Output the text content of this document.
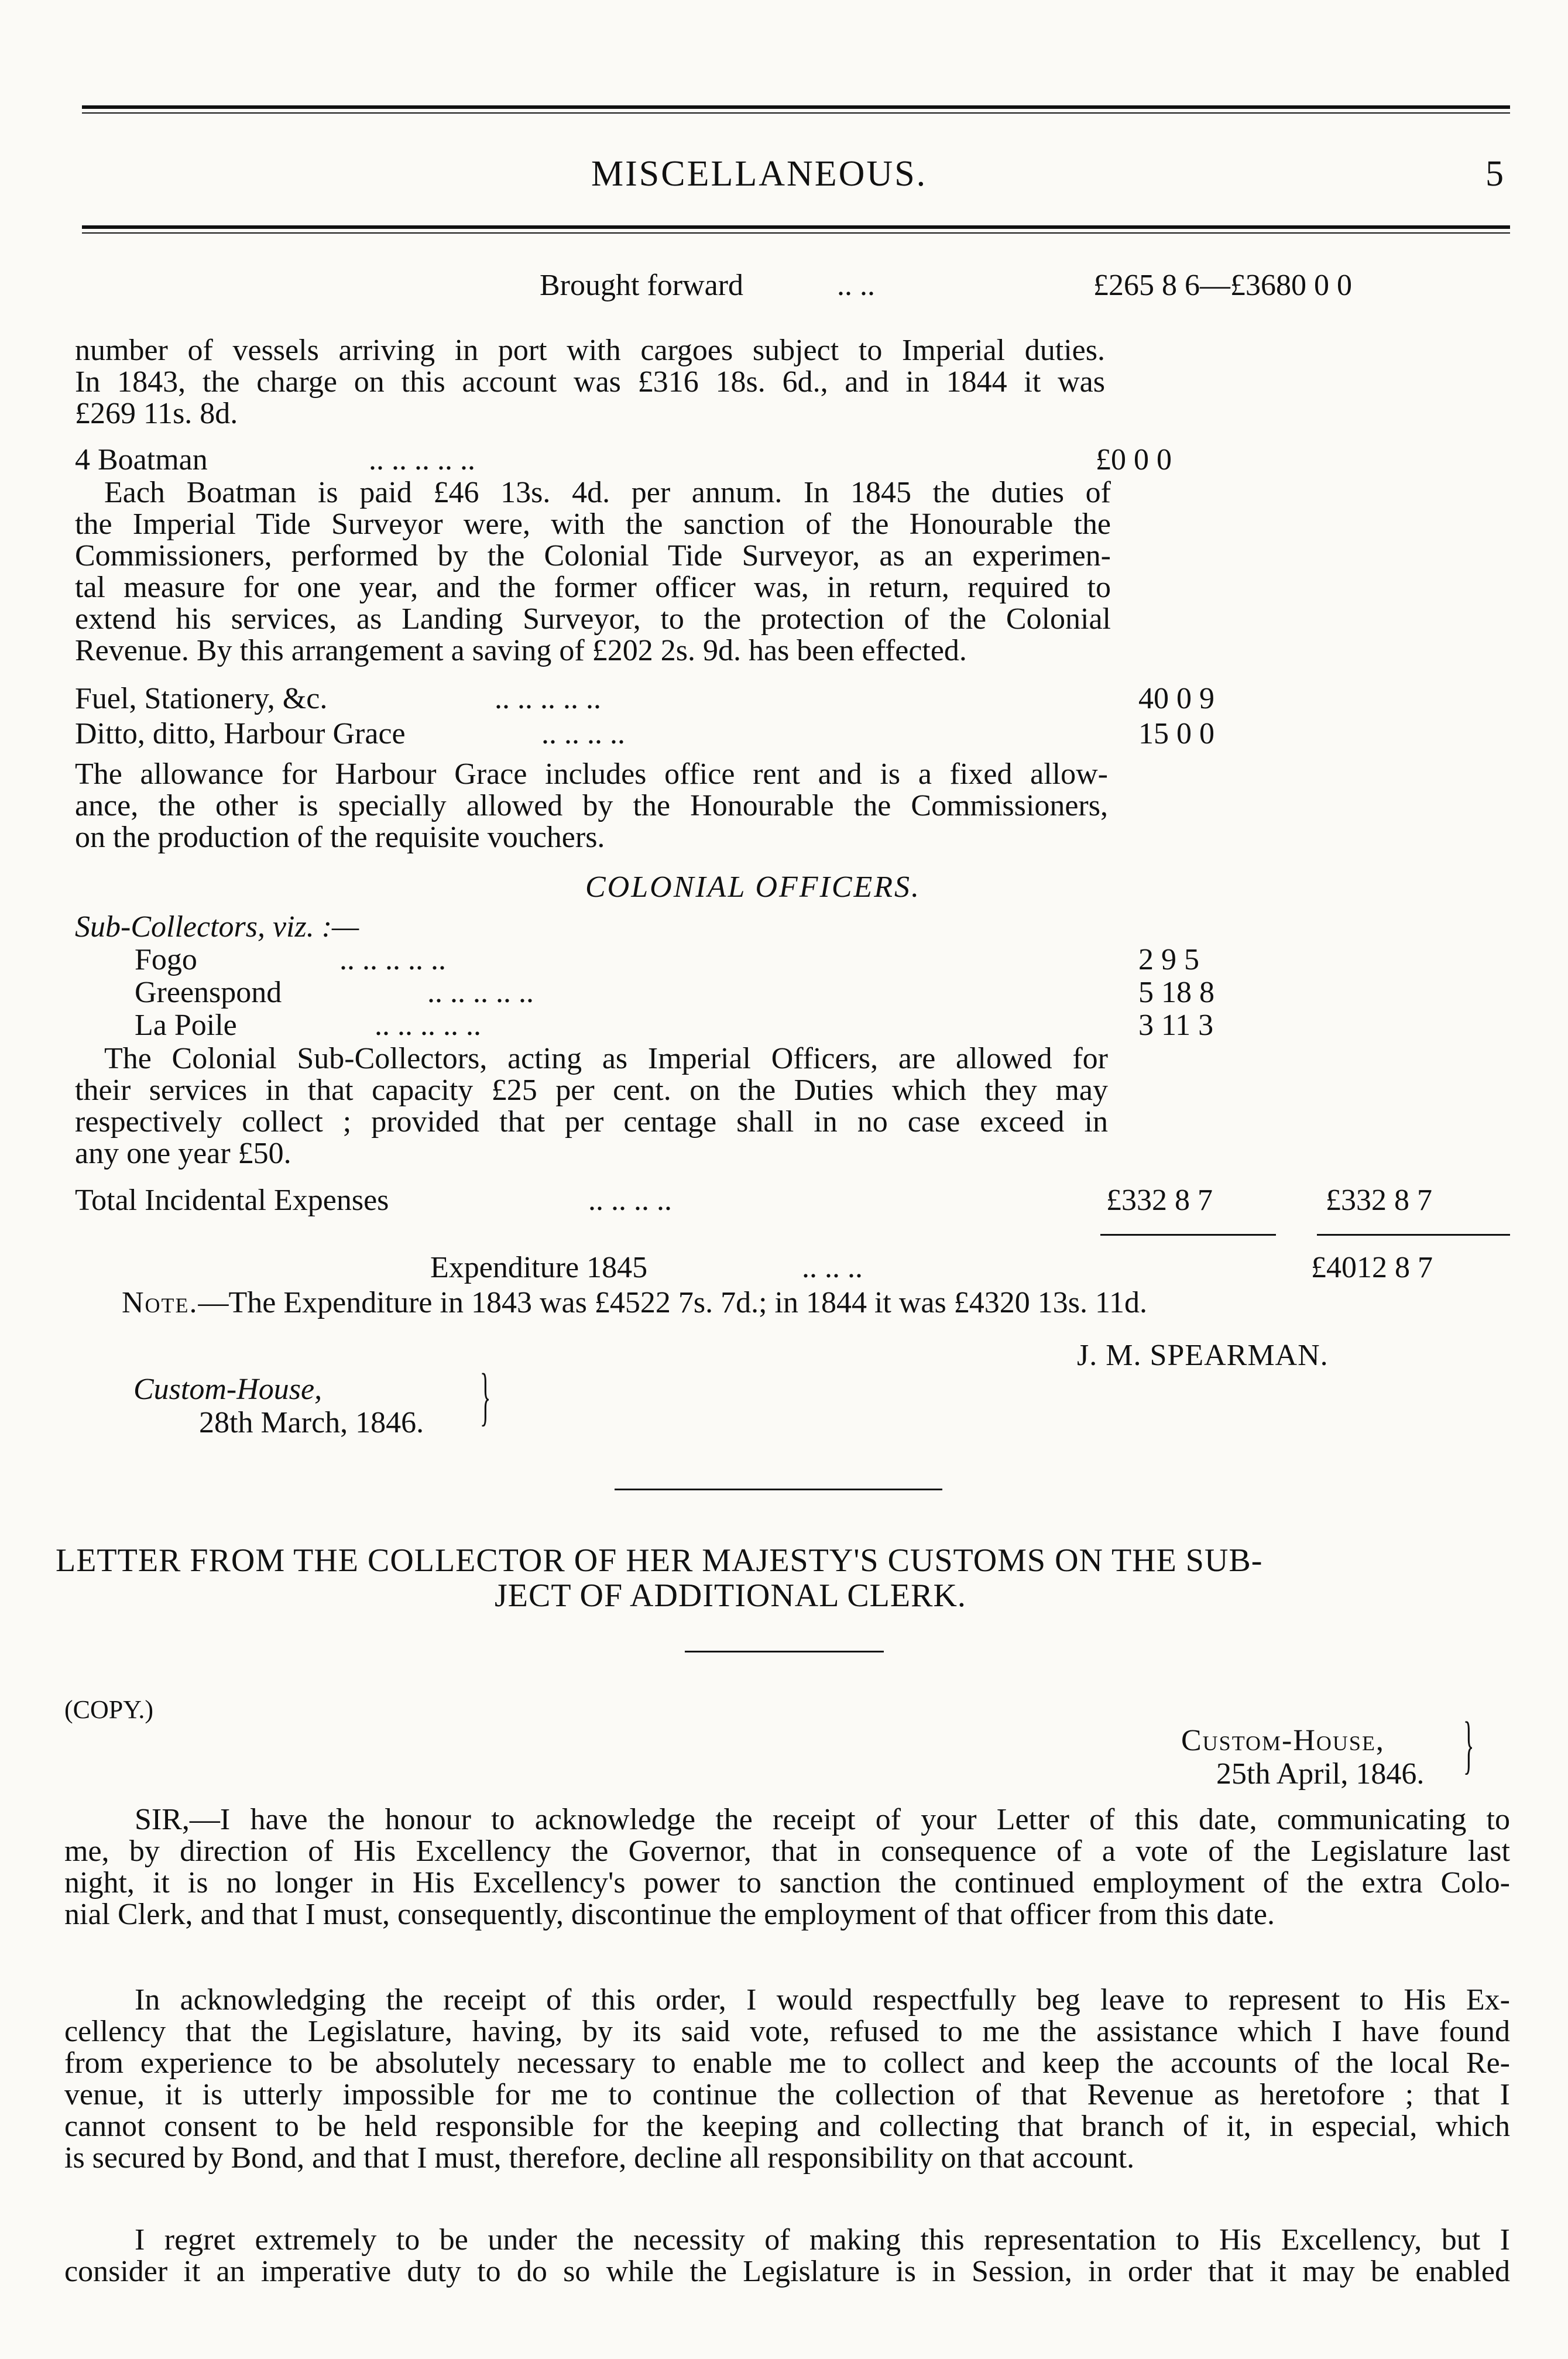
MISCELLANEOUS.	5
Brought forward	.. ..	£265 8 6—£3680 0 0
number of vessels arriving in port with cargoes subject to Imperial duties.
In 1843, the charge on this account was £316 18s. 6d., and in 1844 it was
£269 11s. 8d.
4 Boatman	.. .. .. .. ..	£0 0 0
Each Boatman is paid £46 13s. 4d. per annum. In 1845 the duties of
the Imperial Tide Surveyor were, with the sanction of the Honourable the
Commissioners, performed by the Colonial Tide Surveyor, as an experimen-
tal measure for one year, and the former officer was, in return, required to
extend his services, as Landing Surveyor, to the protection of the Colonial
Revenue. By this arrangement a saving of £202 2s. 9d. has been effected.
Fuel, Stationery, &c.	.. .. .. .. ..	40 0 9
Ditto, ditto, Harbour Grace	.. .. .. ..	15 0 0
The allowance for Harbour Grace includes office rent and is a fixed allow-
ance, the other is specially allowed by the Honourable the Commissioners,
on the production of the requisite vouchers.
COLONIAL OFFICERS.
Sub-Collectors, viz. :—
Fogo	.. .. .. .. ..	2 9 5
Greenspond	.. .. .. .. ..	5 18 8
La Poile	.. .. .. .. ..	3 11 3
The Colonial Sub-Collectors, acting as Imperial Officers, are allowed for
their services in that capacity £25 per cent. on the Duties which they may
respectively collect ; provided that per centage shall in no case exceed in
any one year £50.
Total Incidental Expenses	.. .. .. ..	£332 8 7	£332 8 7
Expenditure 1845	.. .. ..	£4012 8 7
Note.—The Expenditure in 1843 was £4522 7s. 7d.; in 1844 it was £4320 13s. 11d.
J. M. SPEARMAN.
Custom-House,
28th March, 1846. }
LETTER FROM THE COLLECTOR OF HER MAJESTY'S CUSTOMS ON THE SUB-
JECT OF ADDITIONAL CLERK.
(COPY.)
Custom-House,
25th April, 1846. }
SIR,—I have the honour to acknowledge the receipt of your Letter of this date, communicating to
me, by direction of His Excellency the Governor, that in consequence of a vote of the Legislature last
night, it is no longer in His Excellency's power to sanction the continued employment of the extra Colo-
nial Clerk, and that I must, consequently, discontinue the employment of that officer from this date.
In acknowledging the receipt of this order, I would respectfully beg leave to represent to His Ex-
cellency that the Legislature, having, by its said vote, refused to me the assistance which I have found
from experience to be absolutely necessary to enable me to collect and keep the accounts of the local Re-
venue, it is utterly impossible for me to continue the collection of that Revenue as heretofore ; that I
cannot consent to be held responsible for the keeping and collecting that branch of it, in especial, which
is secured by Bond, and that I must, therefore, decline all responsibility on that account.
I regret extremely to be under the necessity of making this representation to His Excellency, but I
consider it an imperative duty to do so while the Legislature is in Session, in order that it may be enabled
